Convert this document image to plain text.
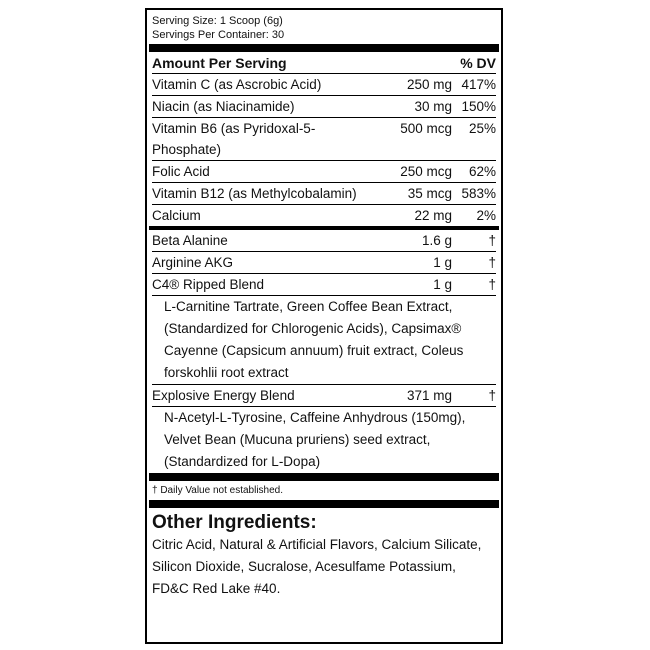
Serving Size: 1 Scoop (6g)
Servings Per Container: 30
Amount Per Serving	% DV
Vitamin C (as Ascrobic Acid)	250 mg 417%
Niacin (as Niacinamide)	30 mg 150%
Vitamin B6 (as Pyridoxal-5-Phosphate)
500 mcg	25%
Folic Acid	250 mcg	62%
Vitamin B12 (as Methylcobalamin)	35 mcg 583%
Calcium	22 mg	2%
Beta Alanine	1.6 g	†
Arginine AKG	1 g	†
C4® Ripped Blend	1 g	†
L-Carnitine Tartrate, Green Coffee Bean Extract, (Standardized for Chlorogenic Acids), Capsimax® Cayenne (Capsicum annuum) fruit extract, Coleus forskohlii root extract
Explosive Energy Blend	371 mg	†
N-Acetyl-L-Tyrosine, Caffeine Anhydrous (150mg), Velvet Bean (Mucuna pruriens) seed extract, (Standardized for L-Dopa)
† Daily Value not established.
Other Ingredients:
Citric Acid, Natural & Artificial Flavors, Calcium Silicate, Silicon Dioxide, Sucralose, Acesulfame Potassium, FD&C Red Lake #40.
